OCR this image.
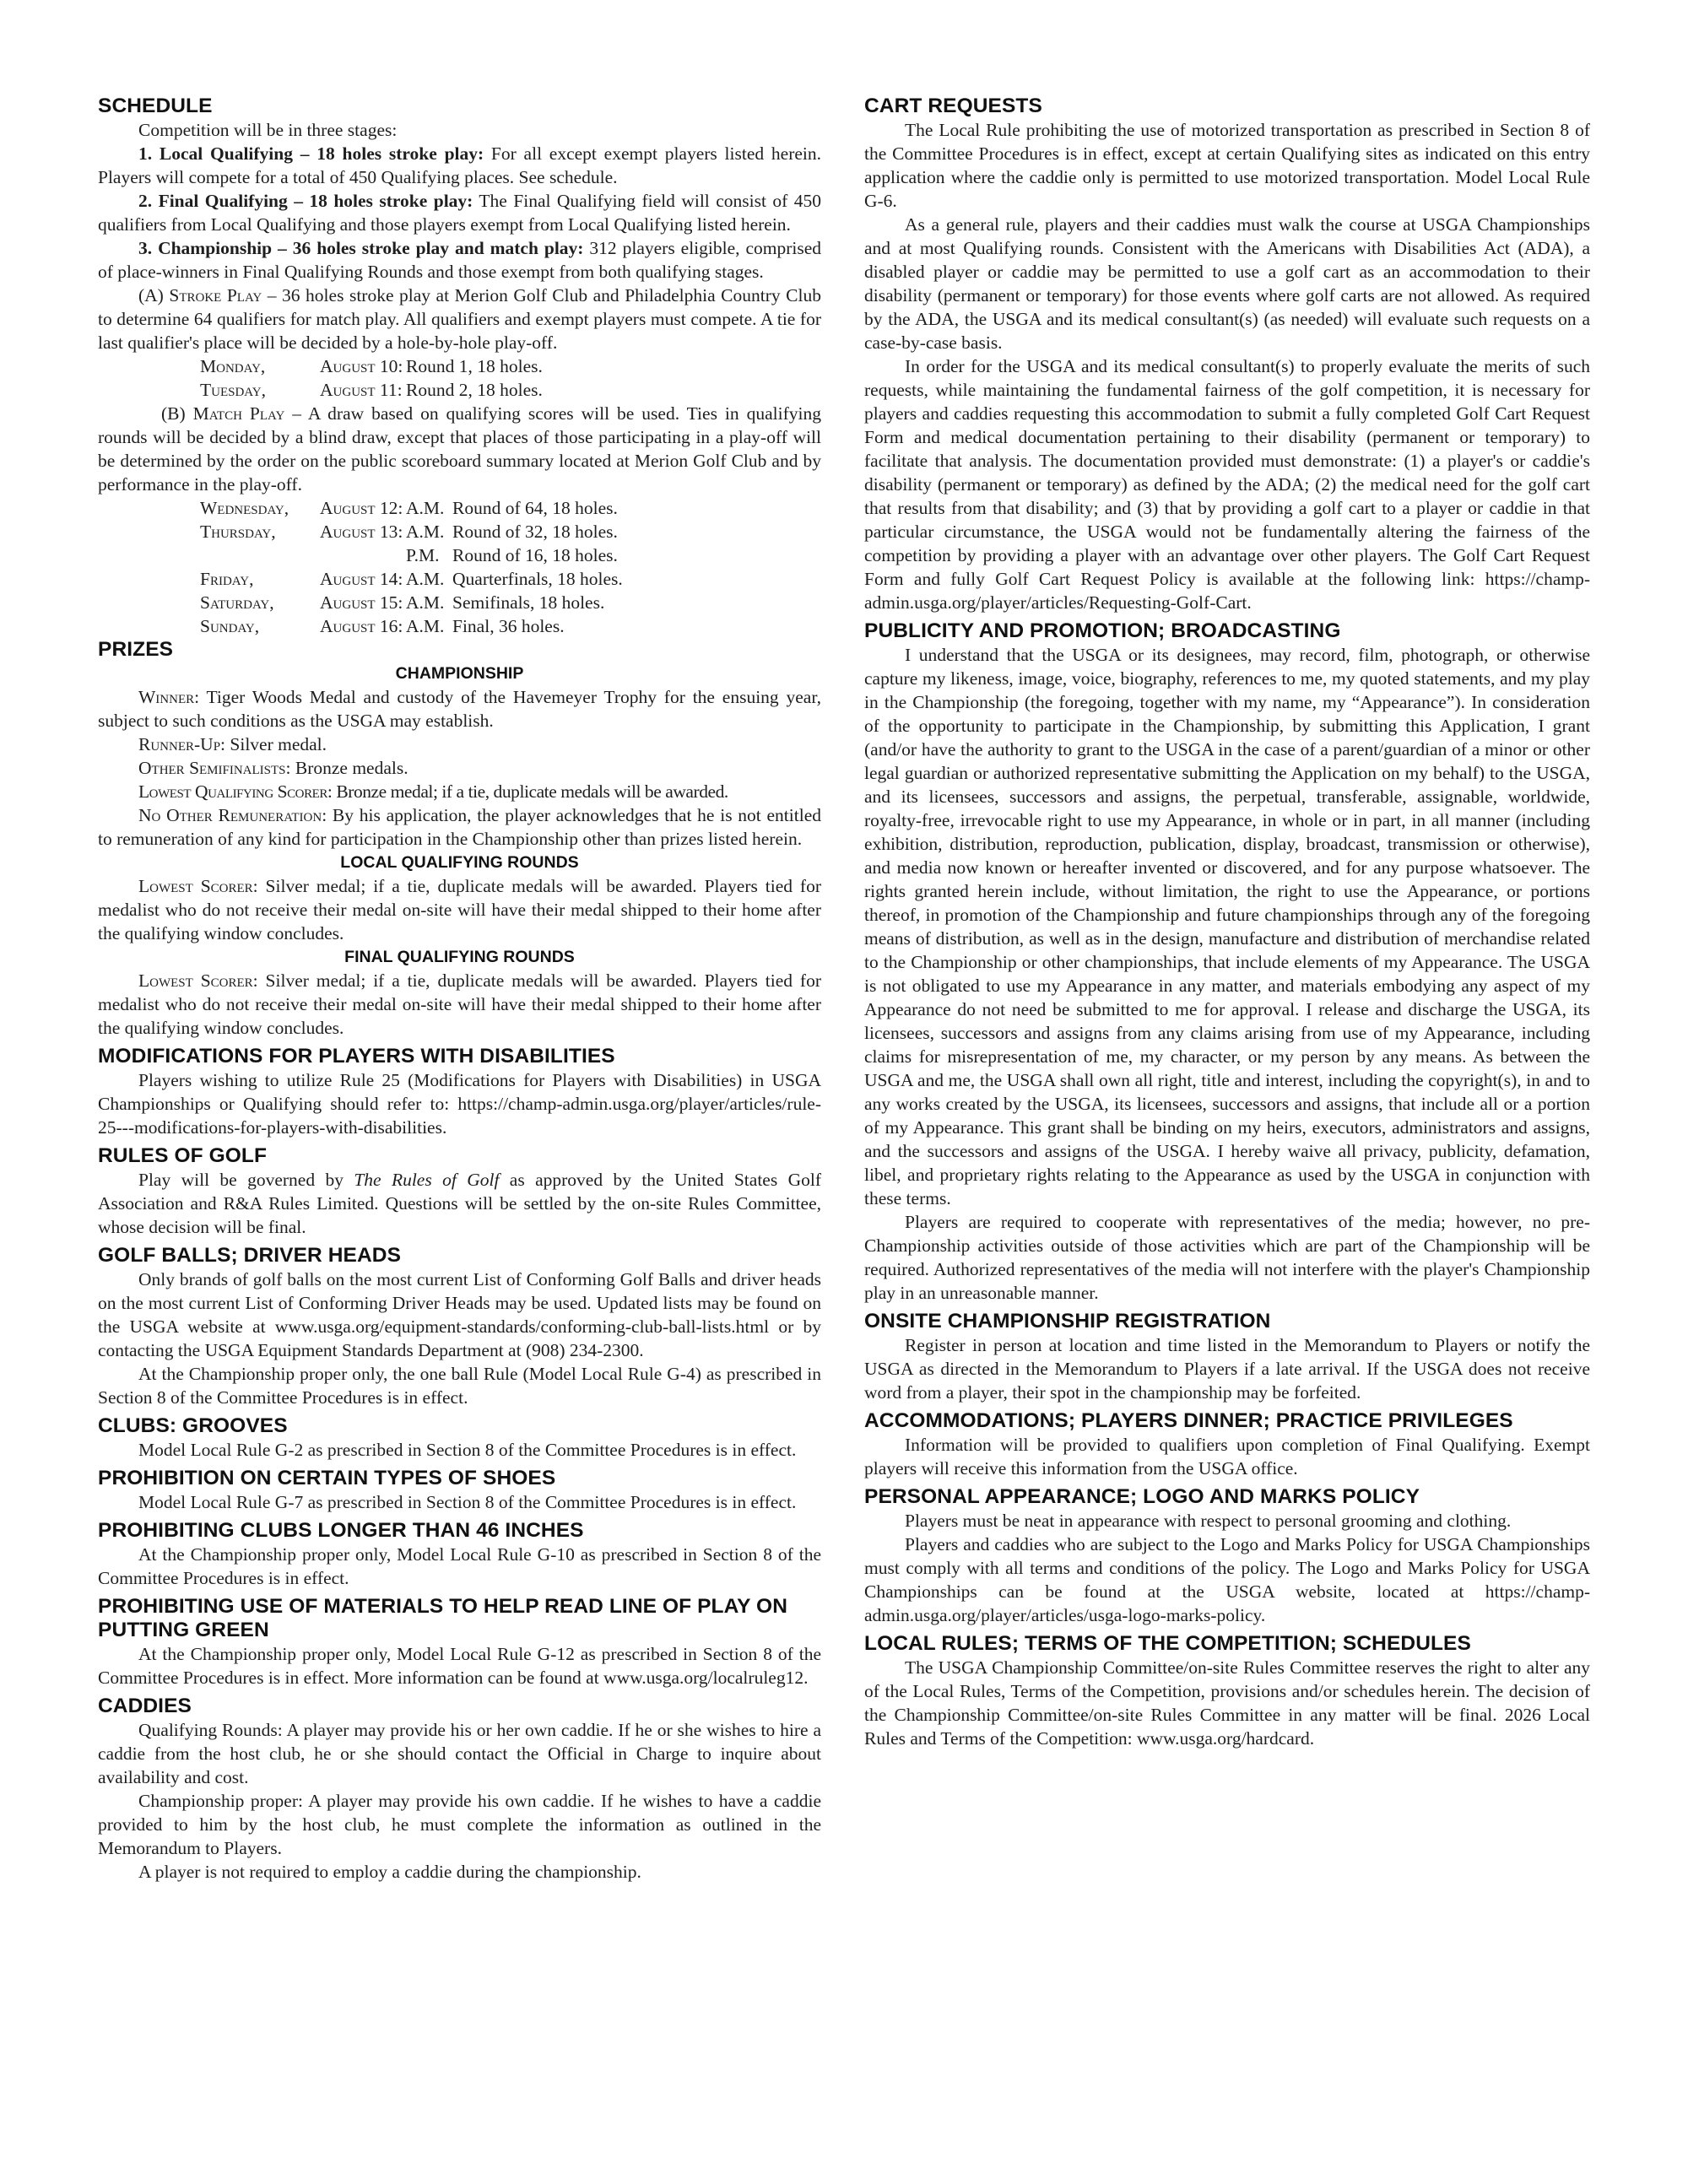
SCHEDULE

Competition will be in three stages:

1. Local Qualifying – 18 holes stroke play: For all except exempt players listed herein. Players will compete for a total of 450 Qualifying places. See schedule.

2. Final Qualifying – 18 holes stroke play: The Final Qualifying field will consist of 450 qualifiers from Local Qualifying and those players exempt from Local Qualifying listed herein.

3. Championship – 36 holes stroke play and match play: 312 players eligible, comprised of place-winners in Final Qualifying Rounds and those exempt from both qualifying stages.

(A) Stroke Play – 36 holes stroke play at Merion Golf Club and Philadelphia Country Club to determine 64 qualifiers for match play. All qualifiers and exempt players must compete. A tie for last qualifier's place will be decided by a hole-by-hole play-off.

Monday,	August 10: Round 1, 18 holes.
Tuesday,	August 11: Round 2, 18 holes.

(B) Match Play – A draw based on qualifying scores will be used. Ties in qualifying rounds will be decided by a blind draw, except that places of those participating in a play-off will be determined by the order on the public scoreboard summary located at Merion Golf Club and by performance in the play-off.

Wednesday,	August 12: A.M. Round of 64, 18 holes.
Thursday,	August 13: A.M. Round of 32, 18 holes.
P.M. Round of 16, 18 holes.
Friday,	August 14: A.M. Quarterfinals, 18 holes.
Saturday,	August 15: A.M. Semifinals, 18 holes.
Sunday,	August 16: A.M. Final, 36 holes.
PRIZES
CHAMPIONSHIP

Winner: Tiger Woods Medal and custody of the Havemeyer Trophy for the ensuing year, subject to such conditions as the USGA may establish.

Runner-Up: Silver medal.

Other Semifinalists: Bronze medals.

Lowest Qualifying Scorer: Bronze medal; if a tie, duplicate medals will be awarded.

No Other Remuneration: By his application, the player acknowledges that he is not entitled to remuneration of any kind for participation in the Championship other than prizes listed herein.

LOCAL QUALIFYING ROUNDS

Lowest Scorer: Silver medal; if a tie, duplicate medals will be awarded. Players tied for medalist who do not receive their medal on-site will have their medal shipped to their home after the qualifying window concludes.

FINAL QUALIFYING ROUNDS

Lowest Scorer: Silver medal; if a tie, duplicate medals will be awarded. Players tied for medalist who do not receive their medal on-site will have their medal shipped to their home after the qualifying window concludes.

MODIFICATIONS FOR PLAYERS WITH DISABILITIES

Players wishing to utilize Rule 25 (Modifications for Players with Disabilities) in USGA Championships or Qualifying should refer to: https://champ-admin.usga.org/player/articles/rule-25---modifications-for-players-with-disabilities.

RULES OF GOLF

Play will be governed by The Rules of Golf as approved by the United States Golf Association and R&A Rules Limited. Questions will be settled by the on-site Rules Committee, whose decision will be final.

GOLF BALLS; DRIVER HEADS

Only brands of golf balls on the most current List of Conforming Golf Balls and driver heads on the most current List of Conforming Driver Heads may be used. Updated lists may be found on the USGA website at www.usga.org/equipment-standards/conforming-club-ball-lists.html or by contacting the USGA Equipment Standards Department at (908) 234-2300.

At the Championship proper only, the one ball Rule (Model Local Rule G-4) as prescribed in Section 8 of the Committee Procedures is in effect.

CLUBS: GROOVES

Model Local Rule G-2 as prescribed in Section 8 of the Committee Procedures is in effect.

PROHIBITION ON CERTAIN TYPES OF SHOES

Model Local Rule G-7 as prescribed in Section 8 of the Committee Procedures is in effect.

PROHIBITING CLUBS LONGER THAN 46 INCHES

At the Championship proper only, Model Local Rule G-10 as prescribed in Section 8 of the Committee Procedures is in effect.

PROHIBITING USE OF MATERIALS TO HELP READ LINE OF PLAY ON PUTTING GREEN

At the Championship proper only, Model Local Rule G-12 as prescribed in Section 8 of the Committee Procedures is in effect. More information can be found at www.usga.org/localruleg12.

CADDIES

Qualifying Rounds: A player may provide his or her own caddie. If he or she wishes to hire a caddie from the host club, he or she should contact the Official in Charge to inquire about availability and cost.

Championship proper: A player may provide his own caddie. If he wishes to have a caddie provided to him by the host club, he must complete the information as outlined in the Memorandum to Players.

A player is not required to employ a caddie during the championship.

CART REQUESTS

The Local Rule prohibiting the use of motorized transportation as prescribed in Section 8 of the Committee Procedures is in effect, except at certain Qualifying sites as indicated on this entry application where the caddie only is permitted to use motorized transportation. Model Local Rule G-6.

As a general rule, players and their caddies must walk the course at USGA Championships and at most Qualifying rounds. Consistent with the Americans with Disabilities Act (ADA), a disabled player or caddie may be permitted to use a golf cart as an accommodation to their disability (permanent or temporary) for those events where golf carts are not allowed. As required by the ADA, the USGA and its medical consultant(s) (as needed) will evaluate such requests on a case-by-case basis.

In order for the USGA and its medical consultant(s) to properly evaluate the merits of such requests, while maintaining the fundamental fairness of the golf competition, it is necessary for players and caddies requesting this accommodation to submit a fully completed Golf Cart Request Form and medical documentation pertaining to their disability (permanent or temporary) to facilitate that analysis. The documentation provided must demonstrate: (1) a player's or caddie's disability (permanent or temporary) as defined by the ADA; (2) the medical need for the golf cart that results from that disability; and (3) that by providing a golf cart to a player or caddie in that particular circumstance, the USGA would not be fundamentally altering the fairness of the competition by providing a player with an advantage over other players. The Golf Cart Request Form and fully Golf Cart Request Policy is available at the following link: https://champ-admin.usga.org/player/articles/Requesting-Golf-Cart.

PUBLICITY AND PROMOTION; BROADCASTING

I understand that the USGA or its designees, may record, film, photograph, or otherwise capture my likeness, image, voice, biography, references to me, my quoted statements, and my play in the Championship (the foregoing, together with my name, my “Appearance”). In consideration of the opportunity to participate in the Championship, by submitting this Application, I grant (and/or have the authority to grant to the USGA in the case of a parent/guardian of a minor or other legal guardian or authorized representative submitting the Application on my behalf) to the USGA, and its licensees, successors and assigns, the perpetual, transferable, assignable, worldwide, royalty-free, irrevocable right to use my Appearance, in whole or in part, in all manner (including exhibition, distribution, reproduction, publication, display, broadcast, transmission or otherwise), and media now known or hereafter invented or discovered, and for any purpose whatsoever. The rights granted herein include, without limitation, the right to use the Appearance, or portions thereof, in promotion of the Championship and future championships through any of the foregoing means of distribution, as well as in the design, manufacture and distribution of merchandise related to the Championship or other championships, that include elements of my Appearance. The USGA is not obligated to use my Appearance in any matter, and materials embodying any aspect of my Appearance do not need be submitted to me for approval. I release and discharge the USGA, its licensees, successors and assigns from any claims arising from use of my Appearance, including claims for misrepresentation of me, my character, or my person by any means. As between the USGA and me, the USGA shall own all right, title and interest, including the copyright(s), in and to any works created by the USGA, its licensees, successors and assigns, that include all or a portion of my Appearance. This grant shall be binding on my heirs, executors, administrators and assigns, and the successors and assigns of the USGA. I hereby waive all privacy, publicity, defamation, libel, and proprietary rights relating to the Appearance as used by the USGA in conjunction with these terms.

Players are required to cooperate with representatives of the media; however, no pre-Championship activities outside of those activities which are part of the Championship will be required. Authorized representatives of the media will not interfere with the player's Championship play in an unreasonable manner.

ONSITE CHAMPIONSHIP REGISTRATION

Register in person at location and time listed in the Memorandum to Players or notify the USGA as directed in the Memorandum to Players if a late arrival. If the USGA does not receive word from a player, their spot in the championship may be forfeited.

ACCOMMODATIONS; PLAYERS DINNER; PRACTICE PRIVILEGES

Information will be provided to qualifiers upon completion of Final Qualifying. Exempt players will receive this information from the USGA office.

PERSONAL APPEARANCE; LOGO AND MARKS POLICY

Players must be neat in appearance with respect to personal grooming and clothing.

Players and caddies who are subject to the Logo and Marks Policy for USGA Championships must comply with all terms and conditions of the policy. The Logo and Marks Policy for USGA Championships can be found at the USGA website, located at https://champ-admin.usga.org/player/articles/usga-logo-marks-policy.

LOCAL RULES; TERMS OF THE COMPETITION; SCHEDULES

The USGA Championship Committee/on-site Rules Committee reserves the right to alter any of the Local Rules, Terms of the Competition, provisions and/or schedules herein. The decision of the Championship Committee/on-site Rules Committee in any matter will be final. 2026 Local Rules and Terms of the Competition: www.usga.org/hardcard.
